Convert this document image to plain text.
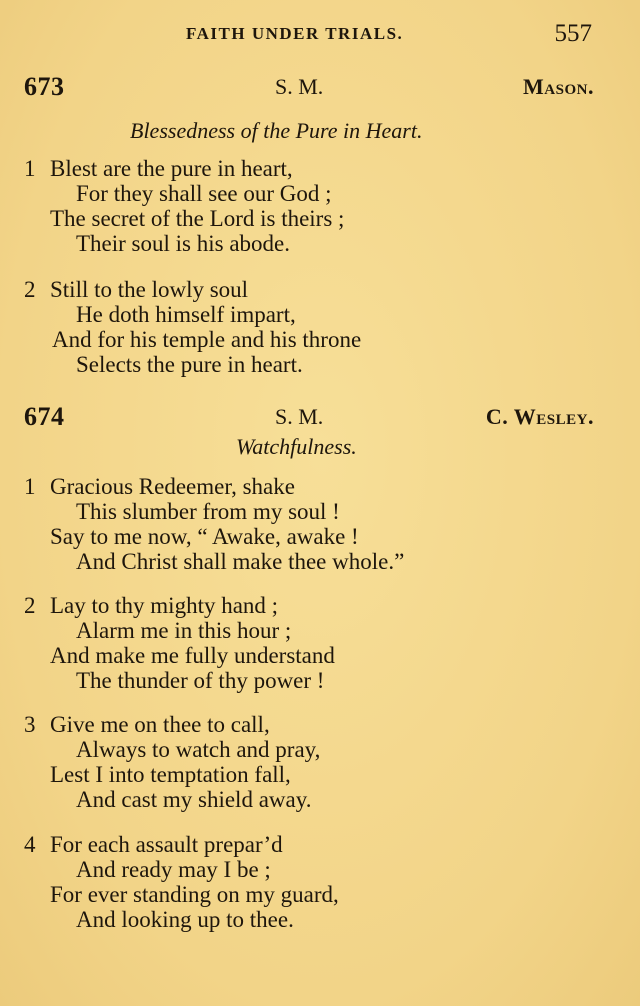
FAITH UNDER TRIALS.	557
673	S. M.	Mason.
Blessedness of the Pure in Heart.
1 Blest are the pure in heart,
For they shall see our God ;
The secret of the Lord is theirs ;
Their soul is his abode.
2 Still to the lowly soul
He doth himself impart,
And for his temple and his throne
Selects the pure in heart.
674	S. M.	C. Wesley.
Watchfulness.
1 Gracious Redeemer, shake
This slumber from my soul !
Say to me now, “ Awake, awake !
And Christ shall make thee whole.”
2 Lay to thy mighty hand ;
Alarm me in this hour ;
And make me fully understand
The thunder of thy power !
3 Give me on thee to call,
Always to watch and pray,
Lest I into temptation fall,
And cast my shield away.
4 For each assault prepar’d
And ready may I be ;
For ever standing on my guard,
And looking up to thee.
